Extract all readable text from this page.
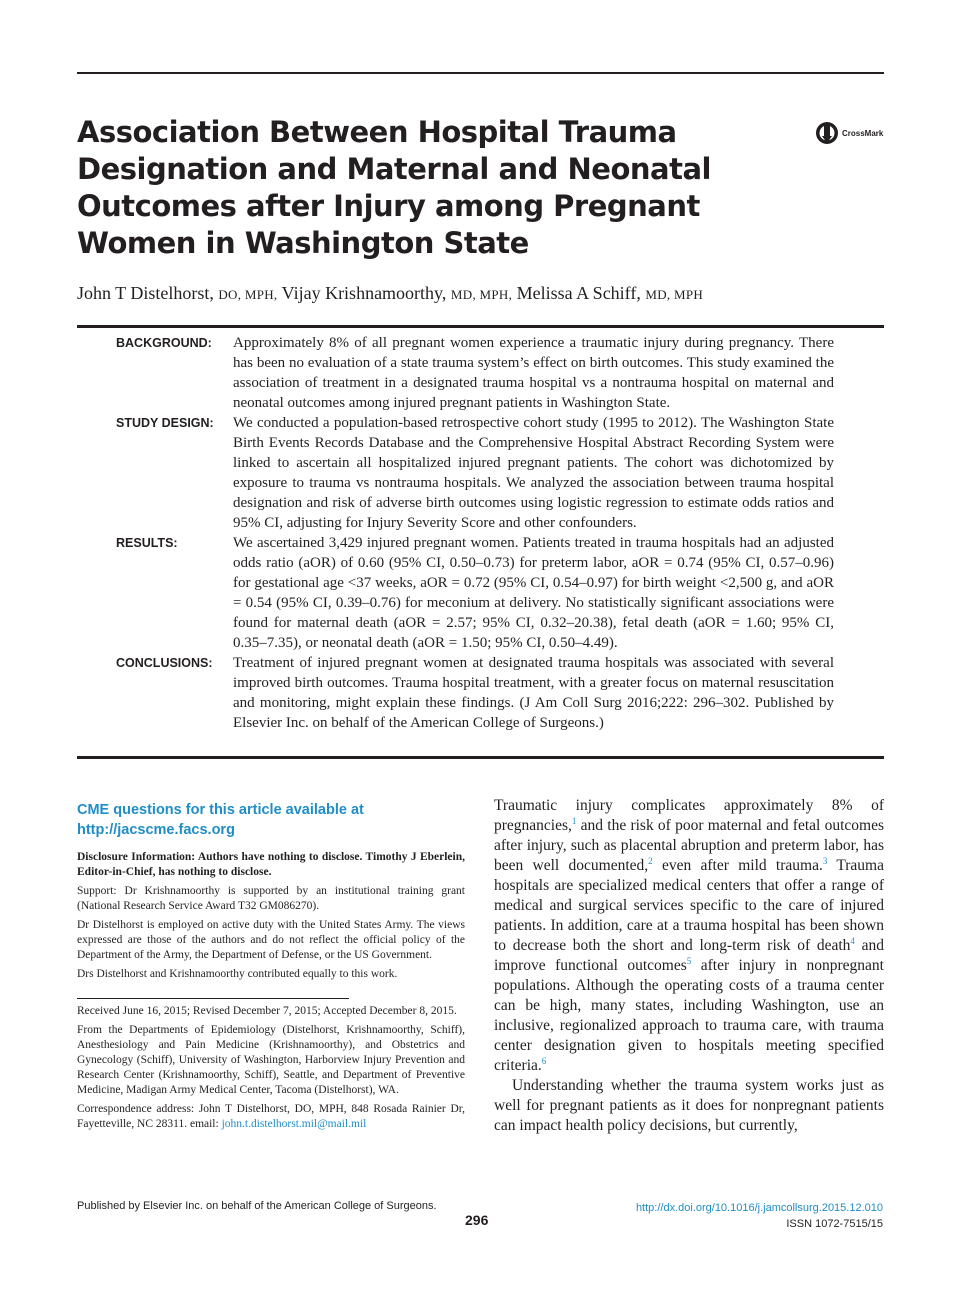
Association Between Hospital Trauma Designation and Maternal and Neonatal Outcomes after Injury among Pregnant Women in Washington State
CrossMark
John T Distelhorst, DO, MPH, Vijay Krishnamoorthy, MD, MPH, Melissa A Schiff, MD, MPH
BACKGROUND: Approximately 8% of all pregnant women experience a traumatic injury during pregnancy. There has been no evaluation of a state trauma system’s effect on birth outcomes. This study examined the association of treatment in a designated trauma hospital vs a nontrauma hospital on maternal and neonatal outcomes among injured pregnant patients in Washington State.
STUDY DESIGN: We conducted a population-based retrospective cohort study (1995 to 2012). The Washington State Birth Events Records Database and the Comprehensive Hospital Abstract Recording System were linked to ascertain all hospitalized injured pregnant patients. The cohort was dichotomized by exposure to trauma vs nontrauma hospitals. We analyzed the association between trauma hospital designation and risk of adverse birth outcomes using logistic regression to estimate odds ratios and 95% CI, adjusting for Injury Severity Score and other confounders.
RESULTS:	We ascertained 3,429 injured pregnant women. Patients treated in trauma hospitals had an adjusted odds ratio (aOR) of 0.60 (95% CI, 0.50–0.73) for preterm labor, aOR = 0.74 (95% CI, 0.57–0.96) for gestational age <37 weeks, aOR = 0.72 (95% CI, 0.54–0.97) for birth weight <2,500 g, and aOR = 0.54 (95% CI, 0.39–0.76) for meconium at delivery. No statistically significant associations were found for maternal death (aOR = 2.57; 95% CI, 0.32–20.38), fetal death (aOR = 1.60; 95% CI, 0.35–7.35), or neonatal death (aOR = 1.50; 95% CI, 0.50–4.49).
CONCLUSIONS: Treatment of injured pregnant women at designated trauma hospitals was associated with several improved birth outcomes. Trauma hospital treatment, with a greater focus on maternal resuscitation and monitoring, might explain these findings. (J Am Coll Surg 2016;222: 296–302. Published by Elsevier Inc. on behalf of the American College of Surgeons.)
CME questions for this article available at
http://jacscme.facs.org

Disclosure Information: Authors have nothing to disclose. Timothy J Eberlein, Editor-in-Chief, has nothing to disclose.

Support: Dr Krishnamoorthy is supported by an institutional training grant (National Research Service Award T32 GM086270).

Dr Distelhorst is employed on active duty with the United States Army. The views expressed are those of the authors and do not reflect the official policy of the Department of the Army, the Department of Defense, or the US Government.

Drs Distelhorst and Krishnamoorthy contributed equally to this work.

Received June 16, 2015; Revised December 7, 2015; Accepted December 8, 2015.

From the Departments of Epidemiology (Distelhorst, Krishnamoorthy, Schiff), Anesthesiology and Pain Medicine (Krishnamoorthy), and Obstetrics and Gynecology (Schiff), University of Washington, Harborview Injury Prevention and Research Center (Krishnamoorthy, Schiff), Seattle, and Department of Preventive Medicine, Madigan Army Medical Center, Tacoma (Distelhorst), WA.

Correspondence address: John T Distelhorst, DO, MPH, 848 Rosada Rainier Dr, Fayetteville, NC 28311. email: john.t.distelhorst.mil@mail.mil

Traumatic injury complicates approximately 8% of pregnancies,$^1$ and the risk of poor maternal and fetal outcomes after injury, such as placental abruption and preterm labor, has been well documented,$^2$ even after mild trauma.$^3$ Trauma hospitals are specialized medical centers that offer a range of medical and surgical services specific to the care of injured patients. In addition, care at a trauma hospital has been shown to decrease both the short and long-term risk of death$^4$ and improve functional outcomes$^5$ after injury in nonpregnant populations. Although the operating costs of a trauma center can be high, many states, including Washington, use an inclusive, regionalized approach to trauma care, with trauma center designation given to hospitals meeting specified criteria.$^6$

Understanding whether the trauma system works just as well for pregnant patients as it does for nonpregnant patients can impact health policy decisions, but currently,

Published by Elsevier Inc. on behalf of the American College of Surgeons.
296
http://dx.doi.org/10.1016/j.jamcollsurg.2015.12.010
ISSN 1072-7515/15
